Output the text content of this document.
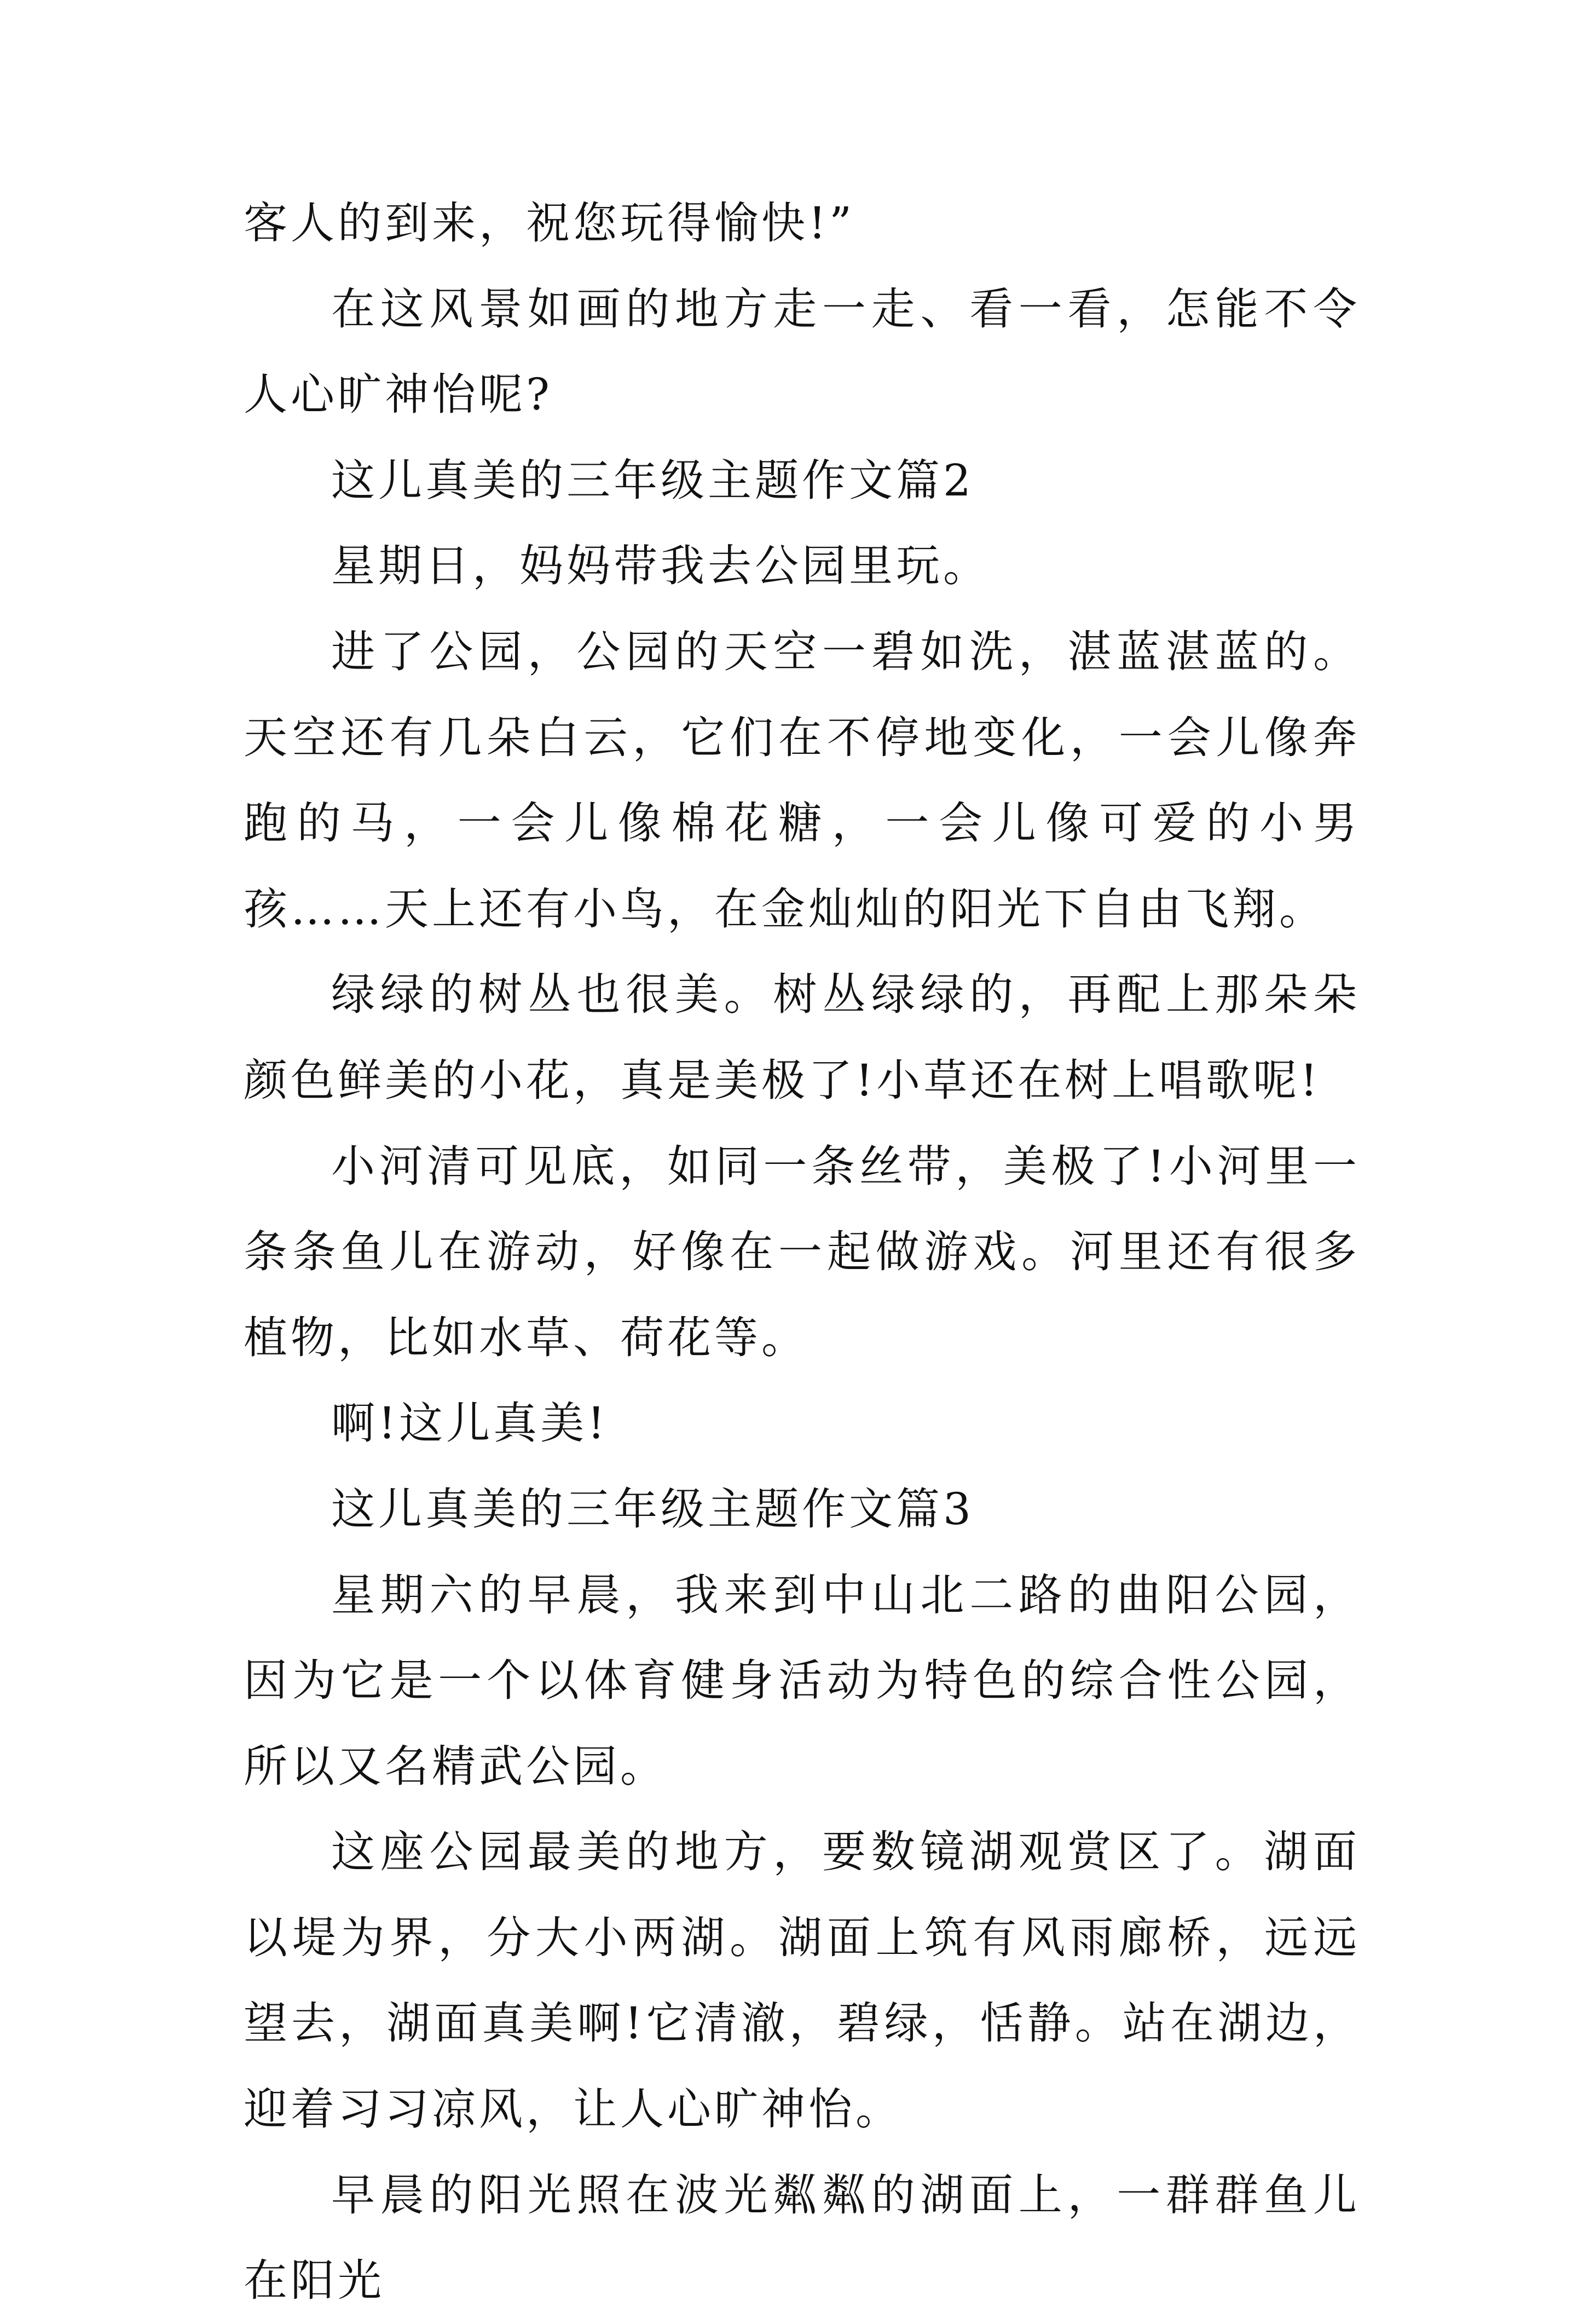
客人的到来，祝您玩得愉快!”

在这风景如画的地方走一走、看一看，怎能不令人心旷神怡呢?

这儿真美的三年级主题作文篇2

星期日，妈妈带我去公园里玩。

进了公园，公园的天空一碧如洗，湛蓝湛蓝的。天空还有几朵白云，它们在不停地变化，一会儿像奔跑的马，一会儿像棉花糖，一会儿像可爱的小男孩……天上还有小鸟，在金灿灿的阳光下自由飞翔。

绿绿的树丛也很美。树丛绿绿的，再配上那朵朵颜色鲜美的小花，真是美极了!小草还在树上唱歌呢!

小河清可见底，如同一条丝带，美极了!小河里一条条鱼儿在游动，好像在一起做游戏。河里还有很多植物，比如水草、荷花等。

啊!这儿真美!

这儿真美的三年级主题作文篇3

星期六的早晨，我来到中山北二路的曲阳公园，因为它是一个以体育健身活动为特色的综合性公园，所以又名精武公园。

这座公园最美的地方，要数镜湖观赏区了。湖面以堤为界，分大小两湖。湖面上筑有风雨廊桥，远远望去，湖面真美啊!它清澈，碧绿，恬静。站在湖边，迎着习习凉风，让人心旷神怡。

早晨的阳光照在波光粼粼的湖面上，一群群鱼儿在阳光
